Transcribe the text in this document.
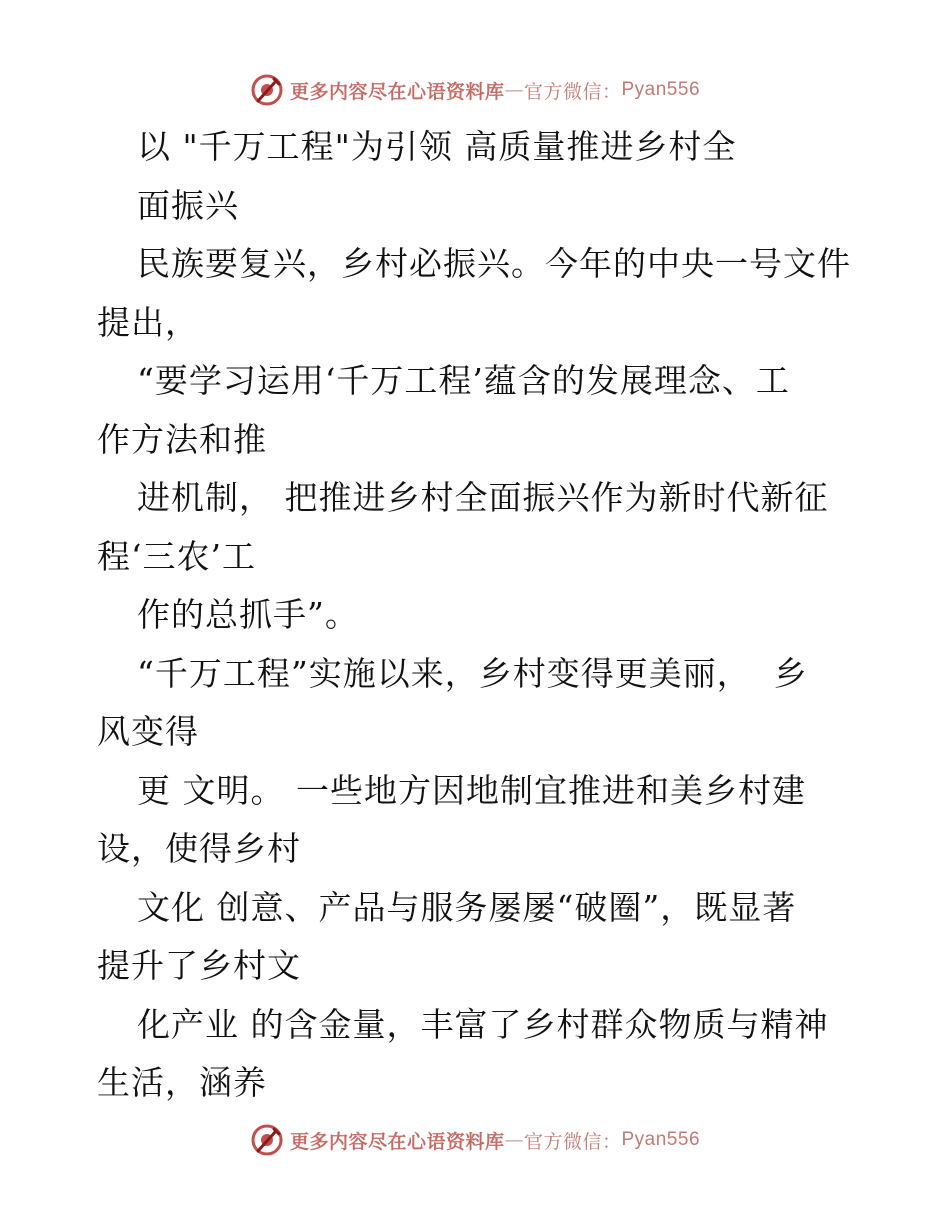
更多内容尽在心语资料库 — 官方微信： Pyan556
以 "千万工程"为引领 高质量推进乡村全
面振兴
民族要复兴，乡村必振兴。今年的中央一号文件
提出，
“要学习运用‘千万工程’蕴含的发展理念、工
作方法和推
进机制， 把推进乡村全面振兴作为新时代新征
程‘三农’工
作的总抓手”。
“千万工程”实施以来，乡村变得更美丽，  乡
风变得
更 文明。 一些地方因地制宜推进和美乡村建
设，使得乡村
文化 创意、产品与服务屡屡“破圈”，既显著
提升了乡村文
化产业 的含金量，丰富了乡村群众物质与精神
生活，涵养
更多内容尽在心语资料库 — 官方微信： Pyan556
